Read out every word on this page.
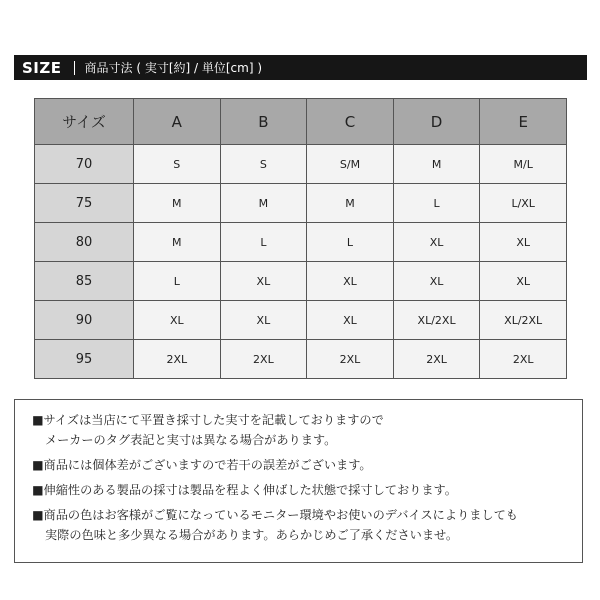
SIZE 商品寸法 ( 実寸[約] / 単位[cm] )
サイズ	A	B	C	D	E
70	S	S	S/M	M	M/L
75	M	M	M	L	L/XL
80	M	L	L	XL	XL
85	L	XL	XL	XL	XL
90	XL	XL	XL	XL/2XL	XL/2XL
95	2XL	2XL	2XL	2XL	2XL
■サイズは当店にて平置き採寸した実寸を記載しておりますので
メーカーのタグ表記と実寸は異なる場合があります。
■商品には個体差がございますので若干の誤差がございます。
■伸縮性のある製品の採寸は製品を程よく伸ばした状態で採寸しております。
■商品の色はお客様がご覧になっているモニター環境やお使いのデバイスによりましても
実際の色味と多少異なる場合があります。あらかじめご了承くださいませ。
